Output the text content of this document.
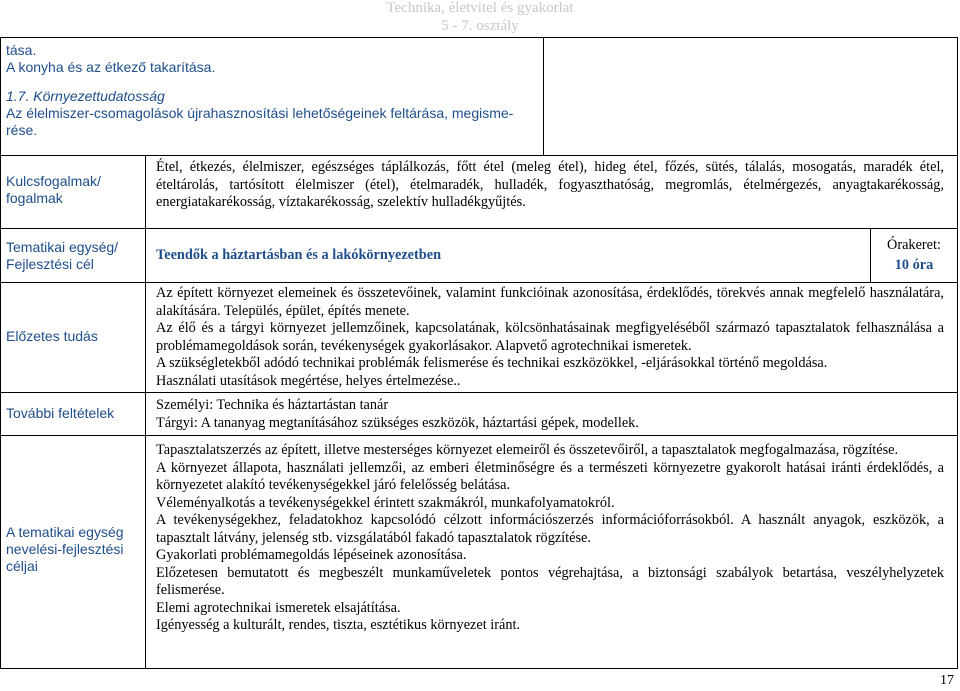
Technika, életvitel és gyakorlat
5 - 7. osztály

tása.

A konyha és az étkező takarítása.

1.7. Környezettudatosság

Az élelmiszer-csomagolások újrahasznosítási lehetőségeinek feltárása, megisme-

rése.

Kulcsfogalmak/ fogalmak
Étel, étkezés, élelmiszer, egészséges táplálkozás, főtt étel (meleg étel), hideg étel, főzés, sütés, tálalás, mosogatás, maradék étel, ételtárolás, tartósított élelmiszer (étel), ételmaradék, hulladék, fogyaszthatóság, megromlás, ételmérgezés, anyagtakarékosság, energiatakarékosság, víztakarékosság, szelektív hulladékgyűjtés.
Tematikai egység/ Fejlesztési cél
Teendők a háztartásban és a lakókörnyezetben
Órakeret:
10 óra
Előzetes tudás

Az épített környezet elemeinek és összetevőinek, valamint funkcióinak azonosítása, érdeklődés, törekvés annak megfelelő használatára, alakítására. Település, épület, építés menete.

Az élő és a tárgyi környezet jellemzőinek, kapcsolatának, kölcsönhatásainak megfigyeléséből származó tapasztalatok felhasználása a problémamegoldások során, tevékenységek gyakorlásakor. Alapvető agrotechnikai ismeretek.

A szükségletekből adódó technikai problémák felismerése és technikai eszközökkel, -eljárásokkal történő megoldása.

Használati utasítások megértése, helyes értelmezése..

További feltételek	Személyi: Technika és háztartástan tanár
Tárgyi: A tananyag megtanításához szükséges eszközök, háztartási gépek, modellek.
A tematikai egység nevelési-fejlesztési céljai

Tapasztalatszerzés az épített, illetve mesterséges környezet elemeiről és összetevőiről, a tapasztalatok megfogalmazása, rögzítése.

A környezet állapota, használati jellemzői, az emberi életminőségre és a természeti környezetre gyakorolt hatásai iránti érdeklődés, a környezetet alakító tevékenységekkel járó felelősség belátása.

Véleményalkotás a tevékenységekkel érintett szakmákról, munkafolyamatokról.

A tevékenységekhez, feladatokhoz kapcsolódó célzott információszerzés információforrásokból. A használt anyagok, eszközök, a tapasztalt látvány, jelenség stb. vizsgálatából fakadó tapasztalatok rögzítése.

Gyakorlati problémamegoldás lépéseinek azonosítása.

Előzetesen bemutatott és megbeszélt munkaműveletek pontos végrehajtása, a biztonsági szabályok betartása, veszélyhelyzetek felismerése.

Elemi agrotechnikai ismeretek elsajátítása.

Igényesség a kulturált, rendes, tiszta, esztétikus környezet iránt.

17
